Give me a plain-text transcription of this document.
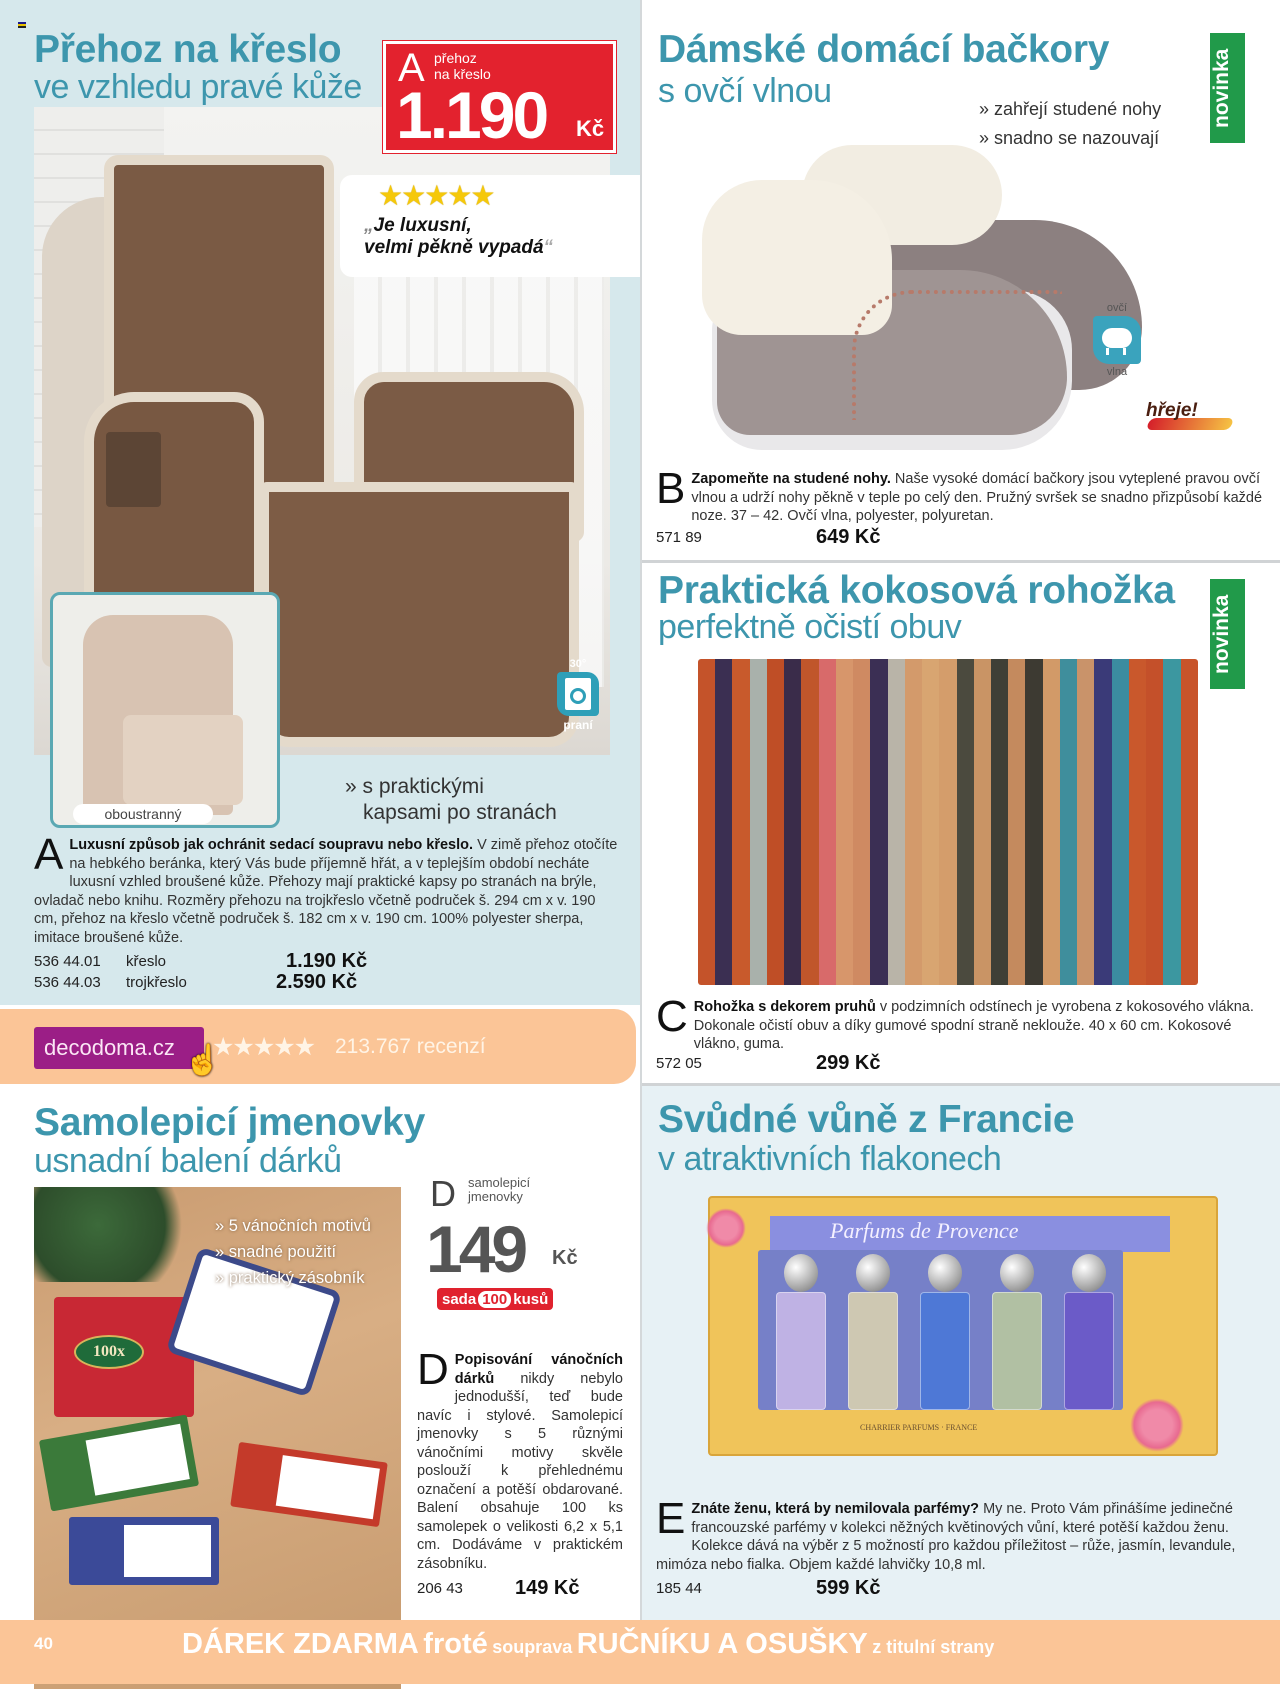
Přehoz na křeslo
ve vzhledu pravé kůže A přehoz
na křeslo
1.190 Kč
★★★★★
„Je luxusní,
velmi pěkně vypadá“
30°
praní
oboustranný
» s praktickými
kapsami po stranách
A Luxusní způsob jak ochránit sedací soupravu nebo křeslo. V zimě přehoz otočíte na hebkého beránka, který Vás bude příjemně hřát, a v teplejším období necháte luxusní vzhled broušené kůže. Přehozy mají praktické kapsy po stranách na brýle, ovladač nebo knihu. Rozměry přehozu na trojkřeslo včetně područek š. 294 cm x v. 190 cm, přehoz na křeslo včetně područek š. 182 cm x v. 190 cm. 100% polyester sherpa, imitace broušené kůže.
536 44.01	křeslo	1.190 Kč
536 44.03	trojkřeslo	2.590 Kč
decodoma.cz ☝
★★★★★ 213.767 recenzí
Dámské domácí bačkory
s ovčí vlnou	novinka
» zahřejí studené nohy
» snadno se nazouvají
ovčí
vlna
hřeje!
B Zapomeňte na studené nohy. Naše vysoké domácí bačkory jsou vyteplené pravou ovčí vlnou a udrží nohy pěkně v teple po celý den. Pružný svršek se snadno přizpůsobí každé noze. 37 – 42. Ovčí vlna, polyester, polyuretan.
571 89	649 Kč
Praktická kokosová rohožka
perfektně očistí obuv	novinka
C Rohožka s dekorem pruhů v podzimních odstínech je vyrobena z kokosového vlákna. Dokonale očistí obuv a díky gumové spodní straně neklouže. 40 x 60 cm. Kokosové vlákno, guma.
572 05	299 Kč
Samolepicí jmenovky
usnadní balení dárků
100x
» 5 vánočních motivů
» snadné použití
» praktický zásobník
D samolepicí
jmenovky
149 Kč
sada 100 kusů
D Popisování vánočních dárků nikdy nebylo jednodušší, teď bude navíc i stylové. Samolepicí jmenovky s 5 různými vánočními motivy skvěle poslouží k přehlednému označení a potěší obdarované. Balení obsahuje 100 ks samolepek o velikosti 6,2 x 5,1 cm. Dodáváme v praktickém zásobníku.
206 43	149 Kč
Svůdné vůně z Francie
v atraktivních flakonech
Parfums de Provence
CHARRIER PARFUMS · FRANCE
E Znáte ženu, která by nemilovala parfémy? My ne. Proto Vám přinášíme jedinečné francouzské parfémy v kolekci něžných květinových vůní, které potěší každou ženu. Kolekce dává na výběr z 5 možností pro každou příležitost – růže, jasmín, levandule, mimóza nebo fialka. Objem každé lahvičky 10,8 ml.
185 44	599 Kč
40	DÁREK ZDARMA froté souprava RUČNÍKU A OSUŠKY z titulní strany
